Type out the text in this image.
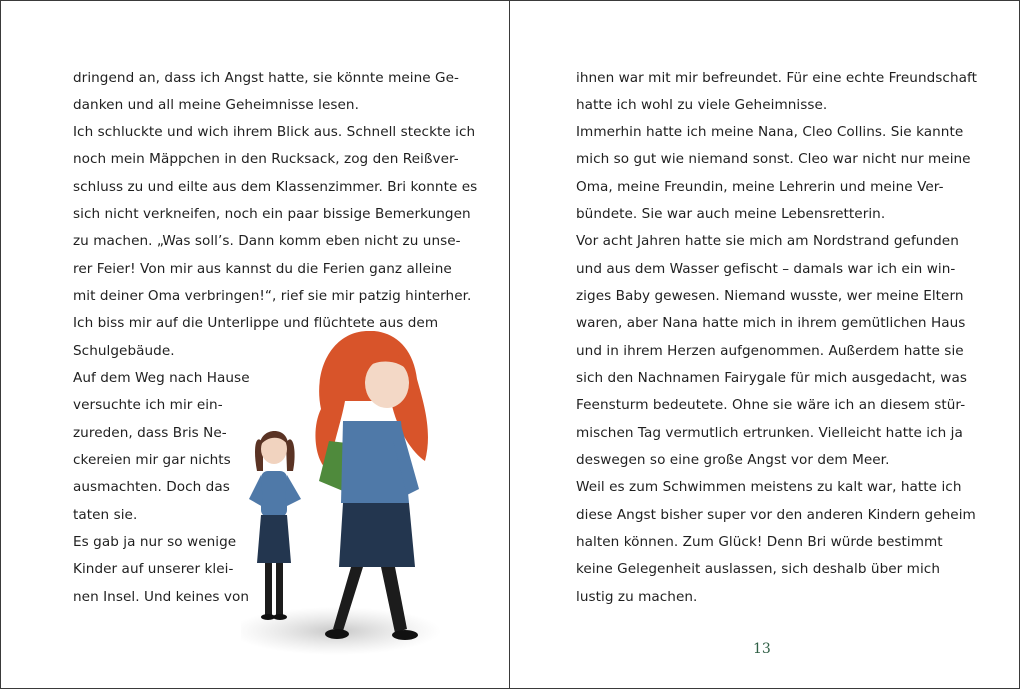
dringend an, dass ich Angst hatte, sie könnte meine Ge-
danken und all meine Geheimnisse lesen.
Ich schluckte und wich ihrem Blick aus. Schnell steckte ich
noch mein Mäppchen in den Rucksack, zog den Reißver-
schluss zu und eilte aus dem Klassenzimmer. Bri konnte es
sich nicht verkneifen, noch ein paar bissige Bemerkungen
zu machen. „Was soll’s. Dann komm eben nicht zu unse-
rer Feier! Von mir aus kannst du die Ferien ganz alleine
mit deiner Oma verbringen!“, rief sie mir patzig hinterher.
Ich biss mir auf die Unterlippe und flüchtete aus dem
Schulgebäude.
Auf dem Weg nach Hause
versuchte ich mir ein-
zureden, dass Bris Ne-
ckereien mir gar nichts
ausmachten. Doch das
taten sie.
Es gab ja nur so wenige
Kinder auf unserer klei-
nen Insel. Und keines von
ihnen war mit mir befreundet. Für eine echte Freundschaft
hatte ich wohl zu viele Geheimnisse.
Immerhin hatte ich meine Nana, Cleo Collins. Sie kannte
mich so gut wie niemand sonst. Cleo war nicht nur meine
Oma, meine Freundin, meine Lehrerin und meine Ver-
bündete. Sie war auch meine Lebensretterin.
Vor acht Jahren hatte sie mich am Nordstrand gefunden
und aus dem Wasser gefischt – damals war ich ein win-
ziges Baby gewesen. Niemand wusste, wer meine Eltern
waren, aber Nana hatte mich in ihrem gemütlichen Haus
und in ihrem Herzen aufgenommen. Außerdem hatte sie
sich den Nachnamen Fairygale für mich ausgedacht, was
Feensturm bedeutete. Ohne sie wäre ich an diesem stür-
mischen Tag vermutlich ertrunken. Vielleicht hatte ich ja
deswegen so eine große Angst vor dem Meer.
Weil es zum Schwimmen meistens zu kalt war, hatte ich
diese Angst bisher super vor den anderen Kindern geheim
halten können. Zum Glück! Denn Bri würde bestimmt
keine Gelegenheit auslassen, sich deshalb über mich
lustig zu machen.
13
